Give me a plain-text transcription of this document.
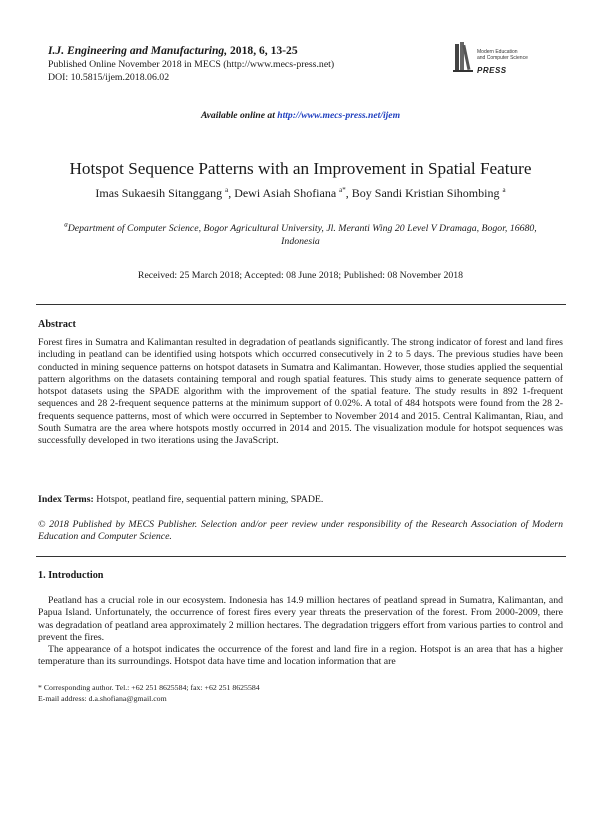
I.J. Engineering and Manufacturing, 2018, 6, 13-25
Published Online November 2018 in MECS (http://www.mecs-press.net)
DOI: 10.5815/ijem.2018.06.02
Modern Education
and Computer Science
PRESS
Available online at http://www.mecs-press.net/ijem
Hotspot Sequence Patterns with an Improvement in Spatial Feature
Imas Sukaesih Sitanggang $^a$, Dewi Asiah Shofiana $^{a*}$, Boy Sandi Kristian Sihombing $^a$
$^a$Department of Computer Science, Bogor Agricultural University, Jl. Meranti Wing 20 Level V Dramaga, Bogor, 16680, Indonesia
Received: 25 March 2018; Accepted: 08 June 2018; Published: 08 November 2018
Abstract
Forest fires in Sumatra and Kalimantan resulted in degradation of peatlands significantly. The strong indicator of forest and land fires including in peatland can be identified using hotspots which occurred consecutively in 2 to 5 days. The previous studies have been conducted in mining sequence patterns on hotspot datasets in Sumatra and Kalimantan. However, those studies applied the sequential pattern algorithms on the datasets containing temporal and rough spatial features. This study aims to generate sequence pattern of hotspot datasets using the SPADE algorithm with the improvement of the spatial feature. The study results in 892 1-frequent sequences and 28 2-frequent sequence patterns at the minimum support of 0.02%. A total of 484 hotspots were found from the 28 2-frequents sequence patterns, most of which were occurred in September to November 2014 and 2015. Central Kalimantan, Riau, and South Sumatra are the area where hotspots mostly occurred in 2014 and 2015. The visualization module for hotspot sequences was successfully developed in two iterations using the JavaScript.
Index Terms: Hotspot, peatland fire, sequential pattern mining, SPADE.
© 2018 Published by MECS Publisher. Selection and/or peer review under responsibility of the Research Association of Modern Education and Computer Science.
1. Introduction
Peatland has a crucial role in our ecosystem. Indonesia has 14.9 million hectares of peatland spread in Sumatra, Kalimantan, and Papua Island. Unfortunately, the occurrence of forest fires every year threats the preservation of the forest. From 2000-2009, there was degradation of peatland area approximately 2 million hectares. The degradation triggers effort from various parties to control and prevent the fires.
The appearance of a hotspot indicates the occurrence of the forest and land fire in a region. Hotspot is an area that has a higher temperature than its surroundings. Hotspot data have time and location information that are
* Corresponding author. Tel.: +62 251 8625584; fax: +62 251 8625584
E-mail address: d.a.shofiana@gmail.com
